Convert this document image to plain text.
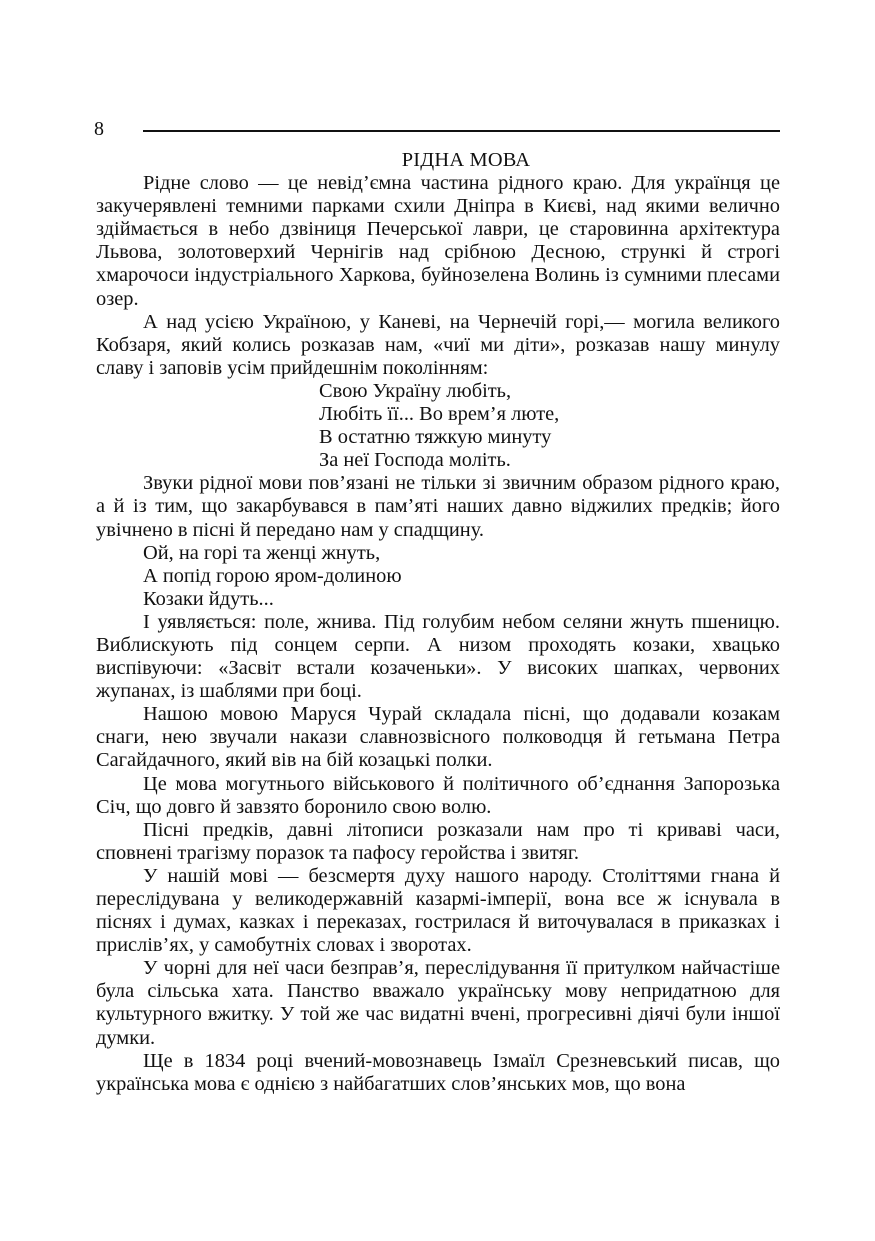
8
РІДНА МОВА

Рідне слово — це невід’ємна частина рідного краю. Для українця це закучерявлені темними парками схили Дніпра в Києві, над якими велично здіймається в небо дзвіниця Печерської лаври, це старовинна архітектура Львова, золотоверхий Чернігів над срібною Десною, стрункі й строгі хмарочоси індустріального Харкова, буйнозелена Волинь із сумними плесами озер.

А над усією Україною, у Каневі, на Чернечій горі,— могила великого Кобзаря, який колись розказав нам, «чиї ми діти», розказав нашу минулу славу і заповів усім прийдешнім поколінням:

Свою Україну любіть,
Любіть її... Во врем’я люте,
В остатню тяжкую минуту
За неї Господа моліть.

Звуки рідної мови пов’язані не тільки зі звичним образом рідного краю, а й із тим, що закарбувався в пам’яті наших давно віджилих предків; його увічнено в пісні й передано нам у спадщину.

Ой, на горі та женці жнуть,
А попід горою яром-долиною
Козаки йдуть...

І уявляється: поле, жнива. Під голубим небом селяни жнуть пшеницю. Виблискують під сонцем серпи. А низом проходять козаки, хвацько виспівуючи: «Засвіт встали козаченьки». У високих шапках, червоних жупанах, із шаблями при боці.

Нашою мовою Маруся Чурай складала пісні, що додавали козакам снаги, нею звучали накази славнозвісного полководця й гетьмана Петра Сагайдачного, який вів на бій козацькі полки.

Це мова могутнього військового й політичного об’єднання Запорозька Січ, що довго й завзято боронило свою волю.

Пісні предків, давні літописи розказали нам про ті криваві часи, сповнені трагізму поразок та пафосу геройства і звитяг.

У нашій мові — безсмертя духу нашого народу. Століттями гнана й переслідувана у великодержавній казармі-імперії, вона все ж існувала в піснях і думах, казках і переказах, гострилася й виточувалася в приказках і прислів’ях, у самобутніх словах і зворотах.

У чорні для неї часи безправ’я, переслідування її притулком найчастіше була сільська хата. Панство вважало українську мову непридатною для культурного вжитку. У той же час видатні вчені, прогресивні діячі були іншої думки.

Ще в 1834 році вчений-мовознавець Ізмаїл Срезневський писав, що українська мова є однією з найбагатших слов’янських мов, що вона
